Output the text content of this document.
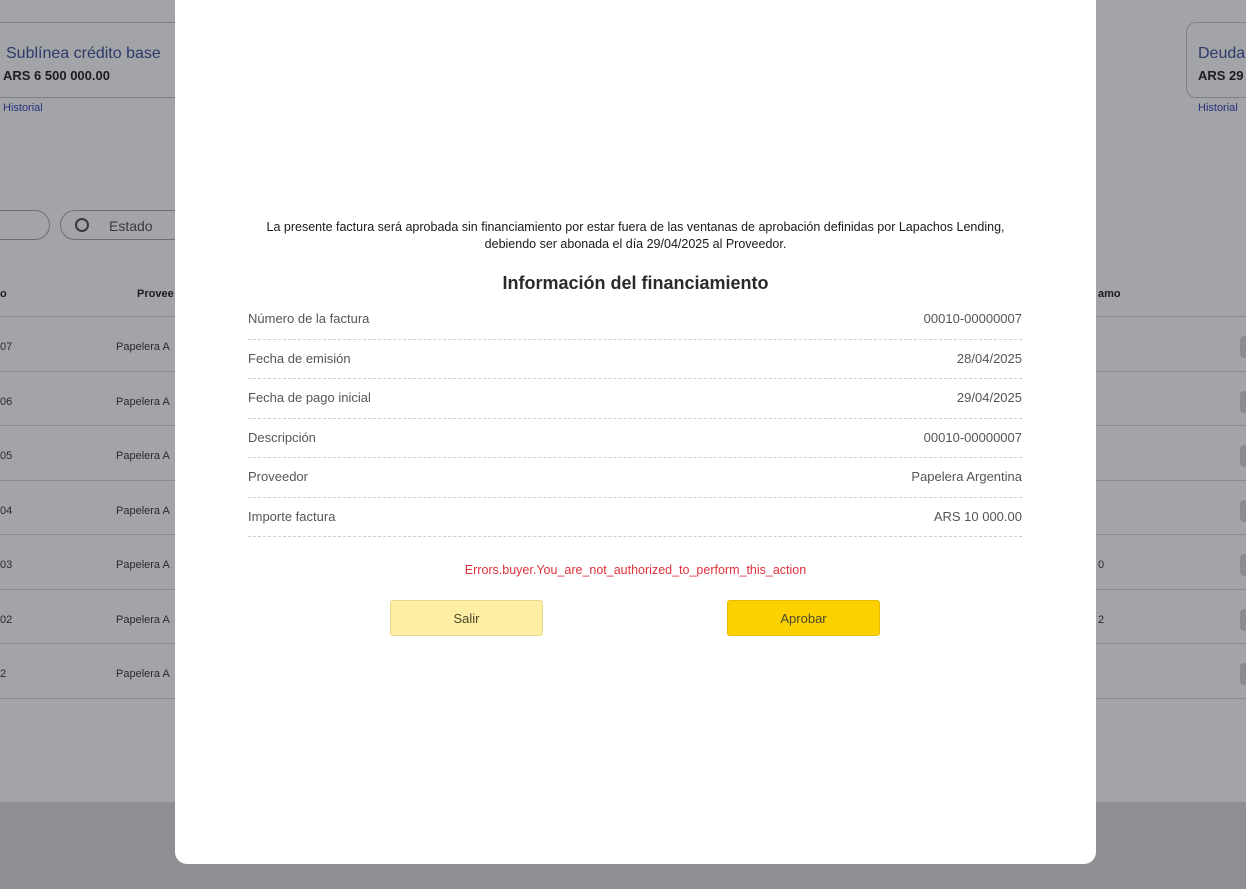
Sublínea crédito base
ARS 6 500 000.00
Historial
Deuda
ARS 29
Historial
Estado
o	Provee	amo
07	Papelera A
06	Papelera A
05	Papelera A
04	Papelera A
03	Papelera A	0
02	Papelera A	2
2	Papelera A

La presente factura será aprobada sin financiamiento por estar fuera de las ventanas de aprobación definidas por Lapachos Lending,

debiendo ser abonada el día 29/04/2025 al Proveedor.

Información del financiamiento
Número de la factura	00010-00000007
Fecha de emisión	28/04/2025
Fecha de pago inicial	29/04/2025
Descripción	00010-00000007
Proveedor	Papelera Argentina
Importe factura	ARS 10 000.00
Errors.buyer.You_are_not_authorized_to_perform_this_action
Salir	Aprobar
